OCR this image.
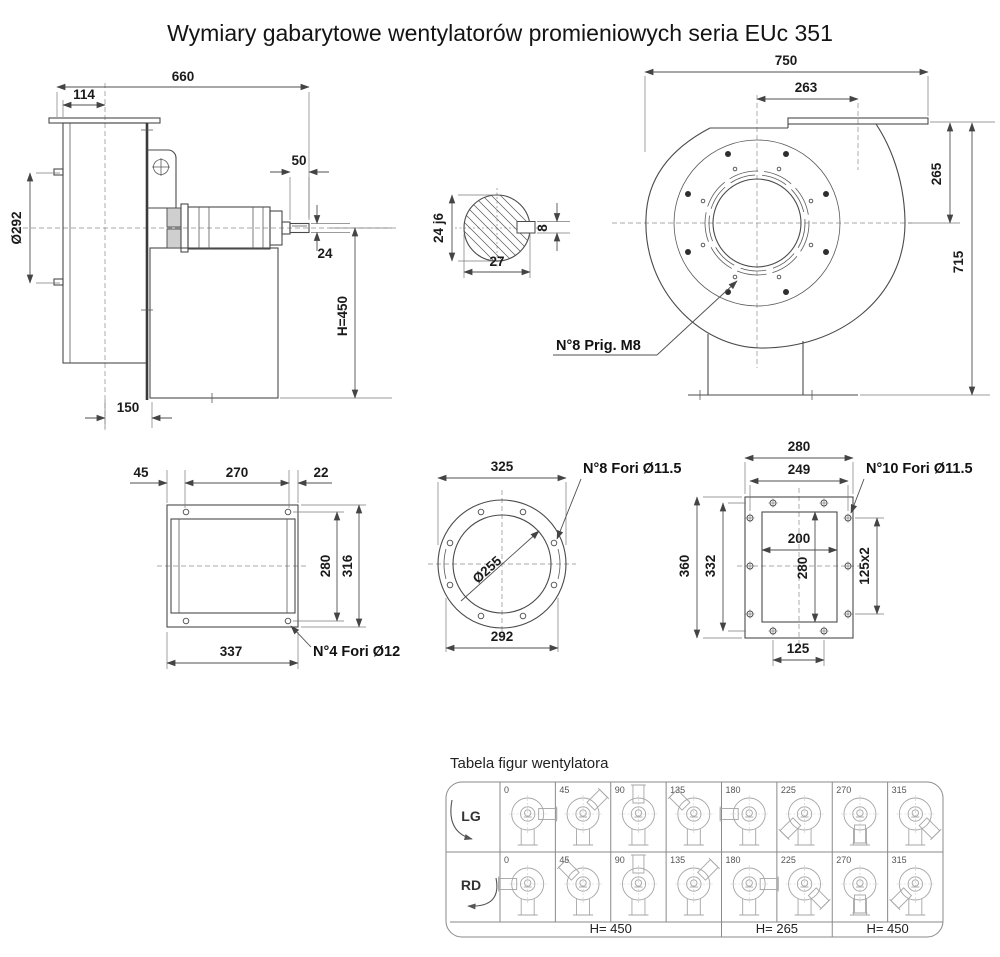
Wymiary gabarytowe wentylatorów promieniowych seria EUc 351
660
114
50
24
Ø292
H=450
150
24 j6
27
8
750
263
265
715
N°8 Prig. M8
45	270	22
280 316
337	N°4 Fori Ø12
325
292
Ø255
N°8 Fori Ø11.5
280
249
360 332
200
280	125x2
125
N°10 Fori Ø11.5
Tabela figur wentylatora
LG
RD
0	45	90	135	180	225	270	315
0	45	90	135	180	225	270	315
H= 450	H= 265	H= 450
